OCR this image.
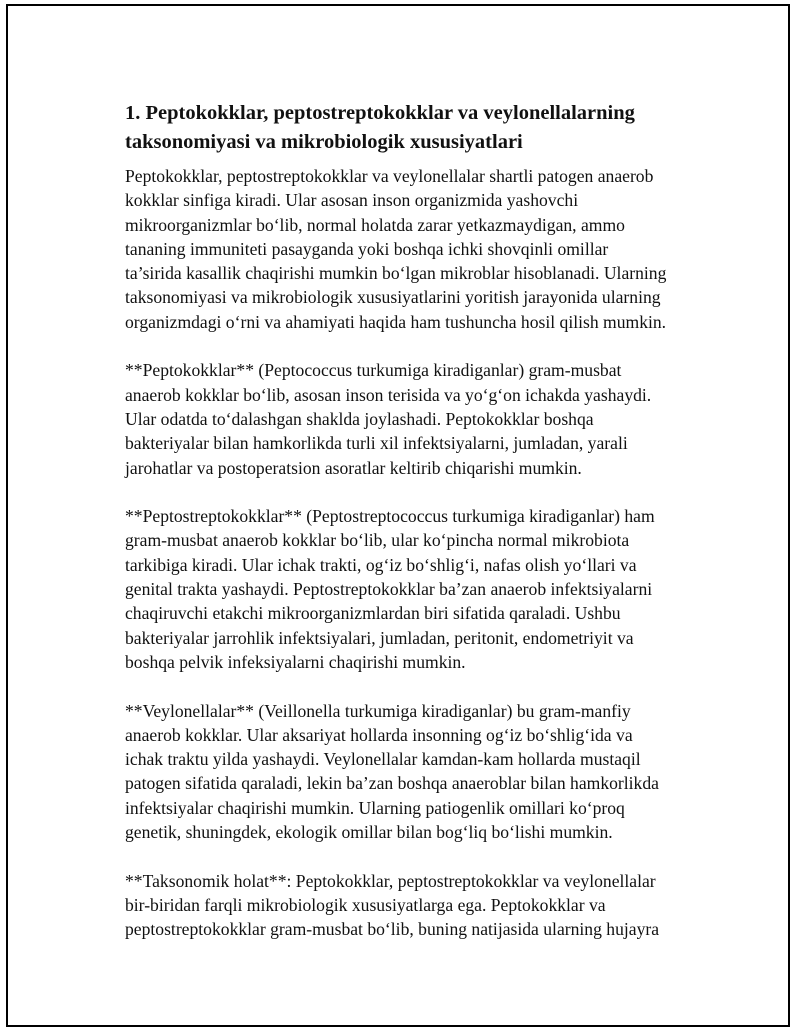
1. Peptokokklar, peptostreptokokklar va veylonellalarning taksonomiyasi va mikrobiologik xususiyatlari

Peptokokklar, peptostreptokokklar va veylonellalar shartli patogen anaerob
kokklar sinfiga kiradi. Ular asosan inson organizmida yashovchi
mikroorganizmlar bo‘lib, normal holatda zarar yetkazmaydigan, ammo
tananing immuniteti pasayganda yoki boshqa ichki shovqinli omillar
ta’sirida kasallik chaqirishi mumkin bo‘lgan mikroblar hisoblanadi. Ularning
taksonomiyasi va mikrobiologik xususiyatlarini yoritish jarayonida ularning
organizmdagi o‘rni va ahamiyati haqida ham tushuncha hosil qilish mumkin.

**Peptokokklar** (Peptococcus turkumiga kiradiganlar) gram-musbat
anaerob kokklar bo‘lib, asosan inson terisida va yo‘g‘on ichakda yashaydi.
Ular odatda to‘dalashgan shaklda joylashadi. Peptokokklar boshqa
bakteriyalar bilan hamkorlikda turli xil infektsiyalarni, jumladan, yarali
jarohatlar va postoperatsion asoratlar keltirib chiqarishi mumkin.

**Peptostreptokokklar** (Peptostreptococcus turkumiga kiradiganlar) ham
gram-musbat anaerob kokklar bo‘lib, ular ko‘pincha normal mikrobiota
tarkibiga kiradi. Ular ichak trakti, og‘iz bo‘shlig‘i, nafas olish yo‘llari va
genital trakta yashaydi. Peptostreptokokklar ba’zan anaerob infektsiyalarni
chaqiruvchi etakchi mikroorganizmlardan biri sifatida qaraladi. Ushbu
bakteriyalar jarrohlik infektsiyalari, jumladan, peritonit, endometriyit va
boshqa pelvik infeksiyalarni chaqirishi mumkin.

**Veylonellalar** (Veillonella turkumiga kiradiganlar) bu gram-manfiy
anaerob kokklar. Ular aksariyat hollarda insonning og‘iz bo‘shlig‘ida va
ichak traktu yilda yashaydi. Veylonellalar kamdan-kam hollarda mustaqil
patogen sifatida qaraladi, lekin ba’zan boshqa anaeroblar bilan hamkorlikda
infektsiyalar chaqirishi mumkin. Ularning patiogenlik omillari ko‘proq
genetik, shuningdek, ekologik omillar bilan bog‘liq bo‘lishi mumkin.

**Taksonomik holat**: Peptokokklar, peptostreptokokklar va veylonellalar
bir-biridan farqli mikrobiologik xususiyatlarga ega. Peptokokklar va
peptostreptokokklar gram-musbat bo‘lib, buning natijasida ularning hujayra
